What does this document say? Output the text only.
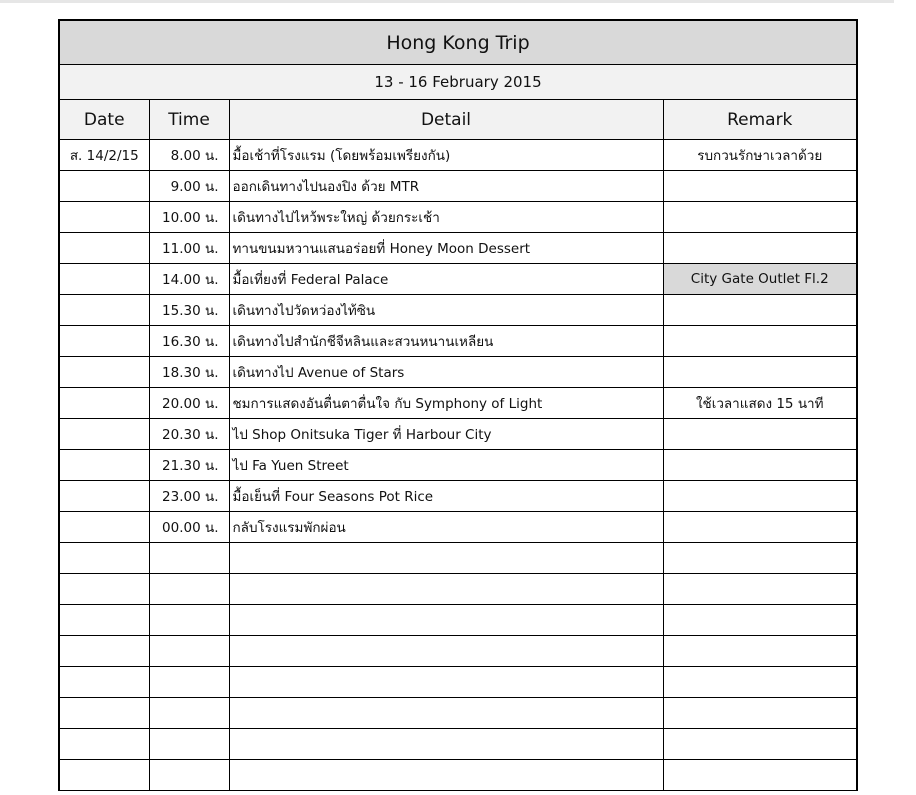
Hong Kong Trip
13 - 16 February 2015
Date	Time	Detail	Remark
ส. 14/2/15	8.00 น.	มื้อเช้าที่โรงแรม (โดยพร้อมเพรียงกัน)	รบกวนรักษาเวลาด้วย
	9.00 น.	ออกเดินทางไปนองปิง ด้วย MTR	
	10.00 น.	เดินทางไปไหว้พระใหญ่ ด้วยกระเช้า	
	11.00 น.	ทานขนมหวานแสนอร่อยที่ Honey Moon Dessert	
	14.00 น.	มื้อเที่ยงที่ Federal Palace	City Gate Outlet Fl.2
	15.30 น.	เดินทางไปวัดหว่องไท้ซิน	
	16.30 น.	เดินทางไปสำนักชีจีหลินและสวนหนานเหลียน	
	18.30 น.	เดินทางไป Avenue of Stars	
	20.00 น.	ชมการแสดงอันตื่นตาตื่นใจ กับ Symphony of Light	ใช้เวลาแสดง 15 นาที
	20.30 น.	ไป Shop Onitsuka Tiger ที่ Harbour City	
	21.30 น.	ไป Fa Yuen Street	
	23.00 น.	มื้อเย็นที่ Four Seasons Pot Rice	
	00.00 น.	กลับโรงแรมพักผ่อน	
